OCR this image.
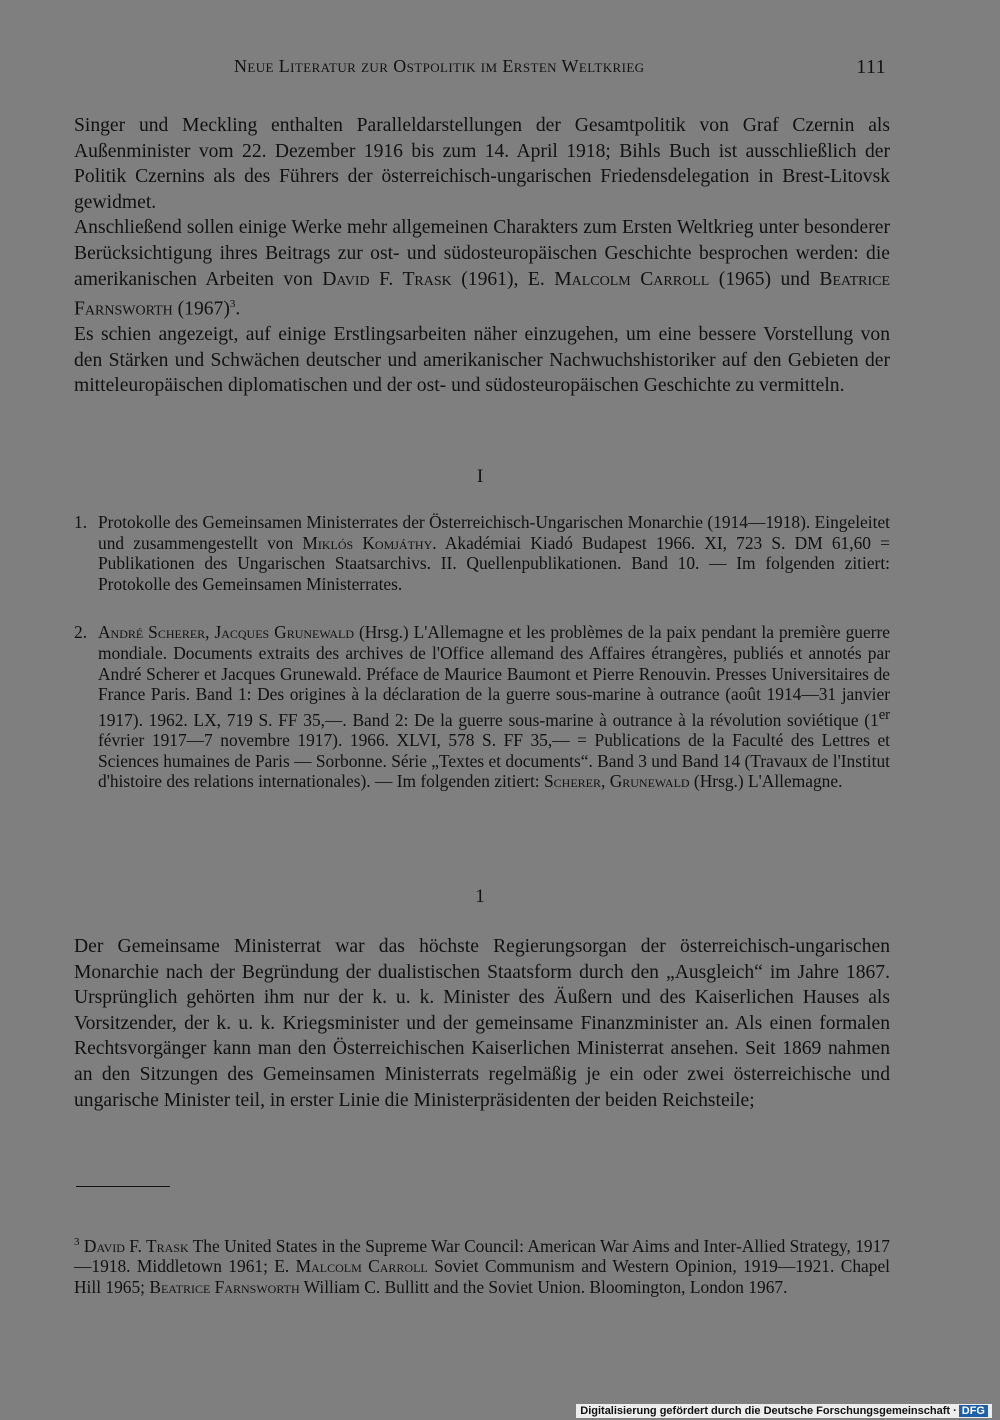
Neue Literatur zur Ostpolitik im Ersten Weltkrieg	111

Singer und Meckling enthalten Paralleldarstellungen der Gesamtpolitik von Graf Czernin als Außenminister vom 22. Dezember 1916 bis zum 14. April 1918; Bihls Buch ist ausschließlich der Politik Czernins als des Führers der österreichisch-ungarischen Friedensdelegation in Brest-Litovsk gewidmet.

Anschließend sollen einige Werke mehr allgemeinen Charakters zum Ersten Weltkrieg unter besonderer Berücksichtigung ihres Beitrags zur ost- und südosteuropäischen Geschichte besprochen werden: die amerikanischen Arbeiten von David F. Trask (1961), E. Malcolm Carroll (1965) und Beatrice Farnsworth $(1967)^3$.

Es schien angezeigt, auf einige Erstlingsarbeiten näher einzugehen, um eine bessere Vorstellung von den Stärken und Schwächen deutscher und amerikanischer Nachwuchshistoriker auf den Gebieten der mitteleuropäischen diplomatischen und der ost- und südosteuropäischen Geschichte zu vermitteln.

I
1. Protokolle des Gemeinsamen Ministerrates der Österreichisch-Ungarischen Monarchie (1914—1918). Eingeleitet und zusammengestellt von Miklós Komjáthy. Akadémiai Kiadó Budapest 1966. XI, 723 S. DM 61,60 = Publikationen des Ungarischen Staatsarchivs. II. Quellenpublikationen. Band 10. — Im folgenden zitiert: Protokolle des Gemeinsamen Ministerrates.
2. André Scherer, Jacques Grunewald (Hrsg.) L'Allemagne et les problèmes de la paix pendant la première guerre mondiale. Documents extraits des archives de l'Office allemand des Affaires étrangères, publiés et annotés par André Scherer et Jacques Grunewald. Préface de Maurice Baumont et Pierre Renouvin. Presses Universitaires de France Paris. Band 1: Des origines à la déclaration de la guerre sous-marine à outrance (août 1914—31 janvier 1917). 1962. LX, 719 S. FF 35,—. Band 2: De la guerre sous-marine à outrance à la révolution soviétique (1er février 1917—7 novembre 1917). 1966. XLVI, 578 S. FF 35,— = Publications de la Faculté des Lettres et Sciences humaines de Paris — Sorbonne. Série „Textes et documents“. Band 3 und Band 14 (Travaux de l'Institut d'histoire des relations internationales). — Im folgenden zitiert: Scherer, Grunewald (Hrsg.) L'Allemagne.
1

Der Gemeinsame Ministerrat war das höchste Regierungsorgan der österreichisch-ungarischen Monarchie nach der Begründung der dualistischen Staatsform durch den „Ausgleich“ im Jahre 1867. Ursprünglich gehörten ihm nur der k. u. k. Minister des Äußern und des Kaiserlichen Hauses als Vorsitzender, der k. u. k. Kriegsminister und der gemeinsame Finanzminister an. Als einen formalen Rechtsvorgänger kann man den Österreichischen Kaiserlichen Ministerrat ansehen. Seit 1869 nahmen an den Sitzungen des Gemeinsamen Ministerrats regelmäßig je ein oder zwei österreichische und ungarische Minister teil, in erster Linie die Ministerpräsidenten der beiden Reichsteile;

$^3$ David F. Trask The United States in the Supreme War Council: American War Aims and Inter-Allied Strategy, 1917—1918. Middletown 1961; E. Malcolm Carroll Soviet Communism and Western Opinion, 1919—1921. Chapel Hill 1965; Beatrice Farnsworth William C. Bullitt and the Soviet Union. Bloomington, London 1967.
Digitalisierung gefördert durch die Deutsche Forschungsgemeinschaft · DFG
